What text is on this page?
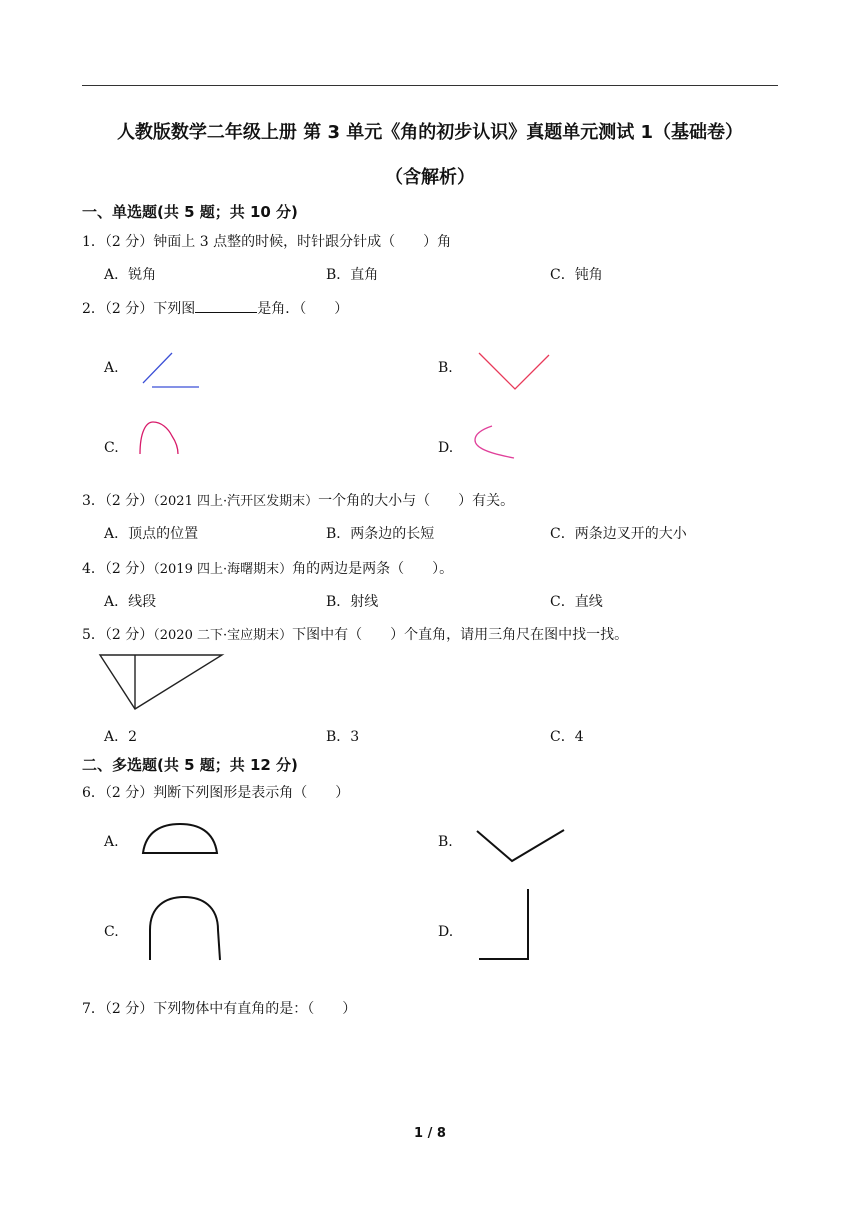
人教版数学二年级上册 第 3 单元《角的初步认识》真题单元测试 1（基础卷）
（含解析）
一、单选题(共 5 题；共 10 分)
1．（2 分）钟面上 3 点整的时候，时针跟分针成（　　）角
A．锐角	B．直角	C．钝角
2．（2 分）下列图	是角．（　　）
A.	B.
C.	D.
3．（2 分）（2021 四上·汽开区发期末）一个角的大小与（　　）有关。
A．顶点的位置	B．两条边的长短	C．两条边叉开的大小
4．（2 分）（2019 四上·海曙期末）角的两边是两条（　　）。
A．线段	B．射线	C．直线
5．（2 分）（2020 二下·宝应期末）下图中有（　　）个直角，请用三角尺在图中找一找。
A．2	B．3	C．4
二、多选题(共 5 题；共 12 分)
6．（2 分）判断下列图形是表示角（　　）
A.	B.
C.	D.
7．（2 分）下列物体中有直角的是：（　　）
1 / 8
